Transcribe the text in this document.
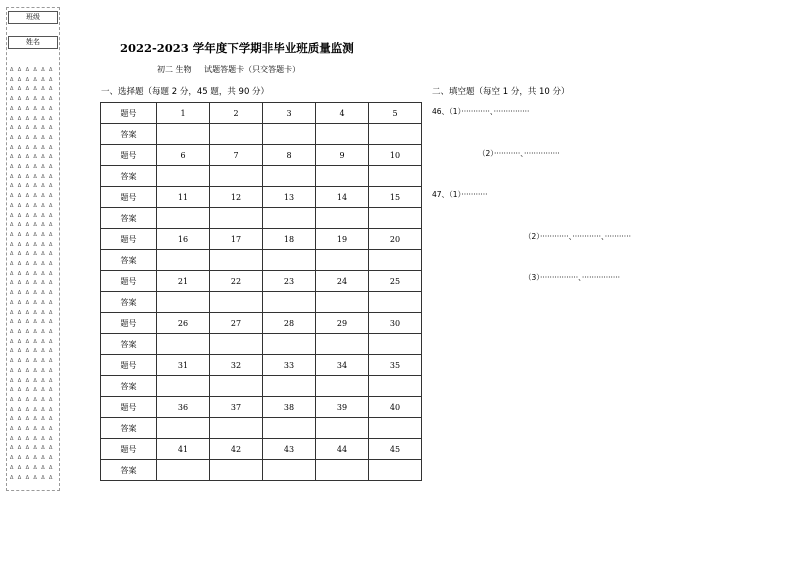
班级
姓名
Δ Δ Δ Δ Δ Δ
Δ Δ Δ Δ Δ Δ
Δ Δ Δ Δ Δ Δ
Δ Δ Δ Δ Δ Δ
Δ Δ Δ Δ Δ Δ
Δ Δ Δ Δ Δ Δ
Δ Δ Δ Δ Δ Δ
Δ Δ Δ Δ Δ Δ
Δ Δ Δ Δ Δ Δ
Δ Δ Δ Δ Δ Δ
Δ Δ Δ Δ Δ Δ
Δ Δ Δ Δ Δ Δ
Δ Δ Δ Δ Δ Δ
Δ Δ Δ Δ Δ Δ
Δ Δ Δ Δ Δ Δ
Δ Δ Δ Δ Δ Δ
Δ Δ Δ Δ Δ Δ
Δ Δ Δ Δ Δ Δ
Δ Δ Δ Δ Δ Δ
Δ Δ Δ Δ Δ Δ
Δ Δ Δ Δ Δ Δ
Δ Δ Δ Δ Δ Δ
Δ Δ Δ Δ Δ Δ
Δ Δ Δ Δ Δ Δ
Δ Δ Δ Δ Δ Δ
Δ Δ Δ Δ Δ Δ
Δ Δ Δ Δ Δ Δ
Δ Δ Δ Δ Δ Δ
Δ Δ Δ Δ Δ Δ
Δ Δ Δ Δ Δ Δ
Δ Δ Δ Δ Δ Δ
Δ Δ Δ Δ Δ Δ
Δ Δ Δ Δ Δ Δ
Δ Δ Δ Δ Δ Δ
Δ Δ Δ Δ Δ Δ
Δ Δ Δ Δ Δ Δ
Δ Δ Δ Δ Δ Δ
Δ Δ Δ Δ Δ Δ
Δ Δ Δ Δ Δ Δ
Δ Δ Δ Δ Δ Δ
Δ Δ Δ Δ Δ Δ
Δ Δ Δ Δ Δ Δ
Δ Δ Δ Δ Δ Δ
2022-2023 学年度下学期非毕业班质量监测
初二 生物 试题答题卡（只交答题卡）
一、选择题（每题 2 分，45 题，共 90 分）
题号	1	2	3	4	5
答案					
题号	6	7	8	9	10
答案					
题号	11	12	13	14	15
答案					
题号	16	17	18	19	20
答案					
题号	21	22	23	24	25
答案					
题号	26	27	28	29	30
答案					
题号	31	32	33	34	35
答案					
题号	36	37	38	39	40
答案					
题号	41	42	43	44	45
答案					
二、填空题（每空 1 分，共 10 分）
46、（1）············、···············
（2）···········、···············
47、（1）···········
（2）············、············、···········
（3）················、················
